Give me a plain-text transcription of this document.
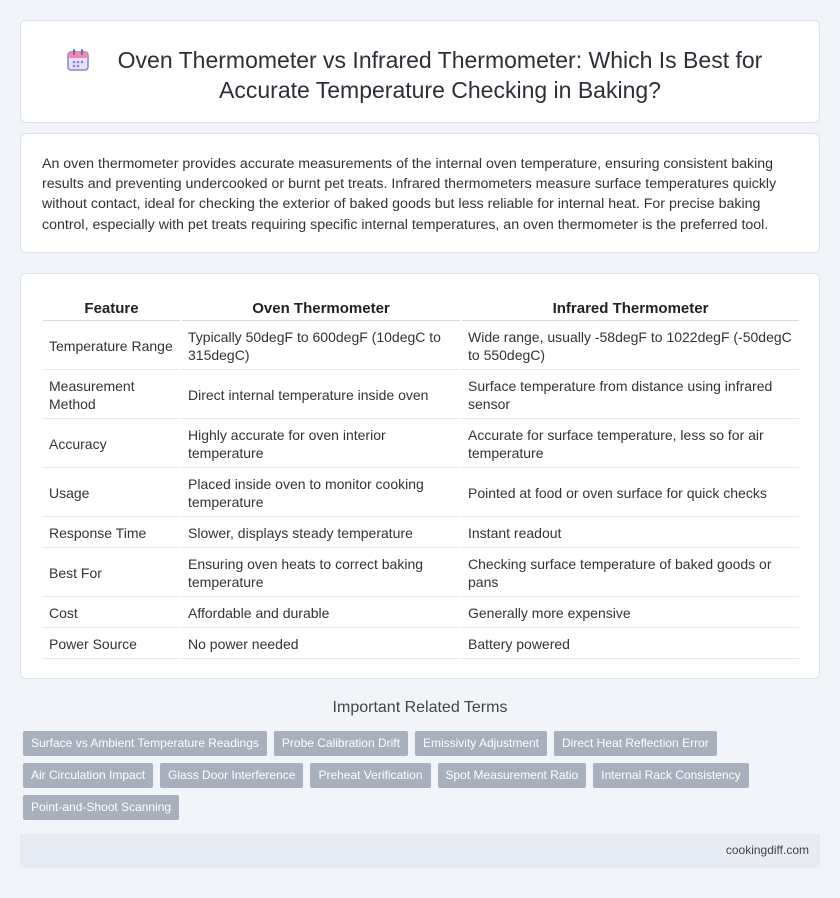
Oven Thermometer vs Infrared Thermometer: Which Is Best for Accurate Temperature Checking in Baking?

An oven thermometer provides accurate measurements of the internal oven temperature, ensuring consistent baking results and preventing undercooked or burnt pet treats. Infrared thermometers measure surface temperatures quickly without contact, ideal for checking the exterior of baked goods but less reliable for internal heat. For precise baking control, especially with pet treats requiring specific internal temperatures, an oven thermometer is the preferred tool.

Feature	Oven Thermometer	Infrared Thermometer
Temperature Range	Typically 50degF to 600degF (10degC to 315degC)	Wide range, usually -58degF to 1022degF (-50degC to 550degC)
Measurement Method	Direct internal temperature inside oven	Surface temperature from distance using infrared sensor
Accuracy	Highly accurate for oven interior temperature	Accurate for surface temperature, less so for air temperature
Usage	Placed inside oven to monitor cooking temperature	Pointed at food or oven surface for quick checks
Response Time	Slower, displays steady temperature	Instant readout
Best For	Ensuring oven heats to correct baking temperature	Checking surface temperature of baked goods or pans
Cost	Affordable and durable	Generally more expensive
Power Source	No power needed	Battery powered
Important Related Terms
Surface vs Ambient Temperature Readings	Probe Calibration Drift	Emissivity Adjustment	Direct Heat Reflection Error
Air Circulation Impact	Glass Door Interference	Preheat Verification	Spot Measurement Ratio	Internal Rack Consistency
Point-and-Shoot Scanning
cookingdiff.com
